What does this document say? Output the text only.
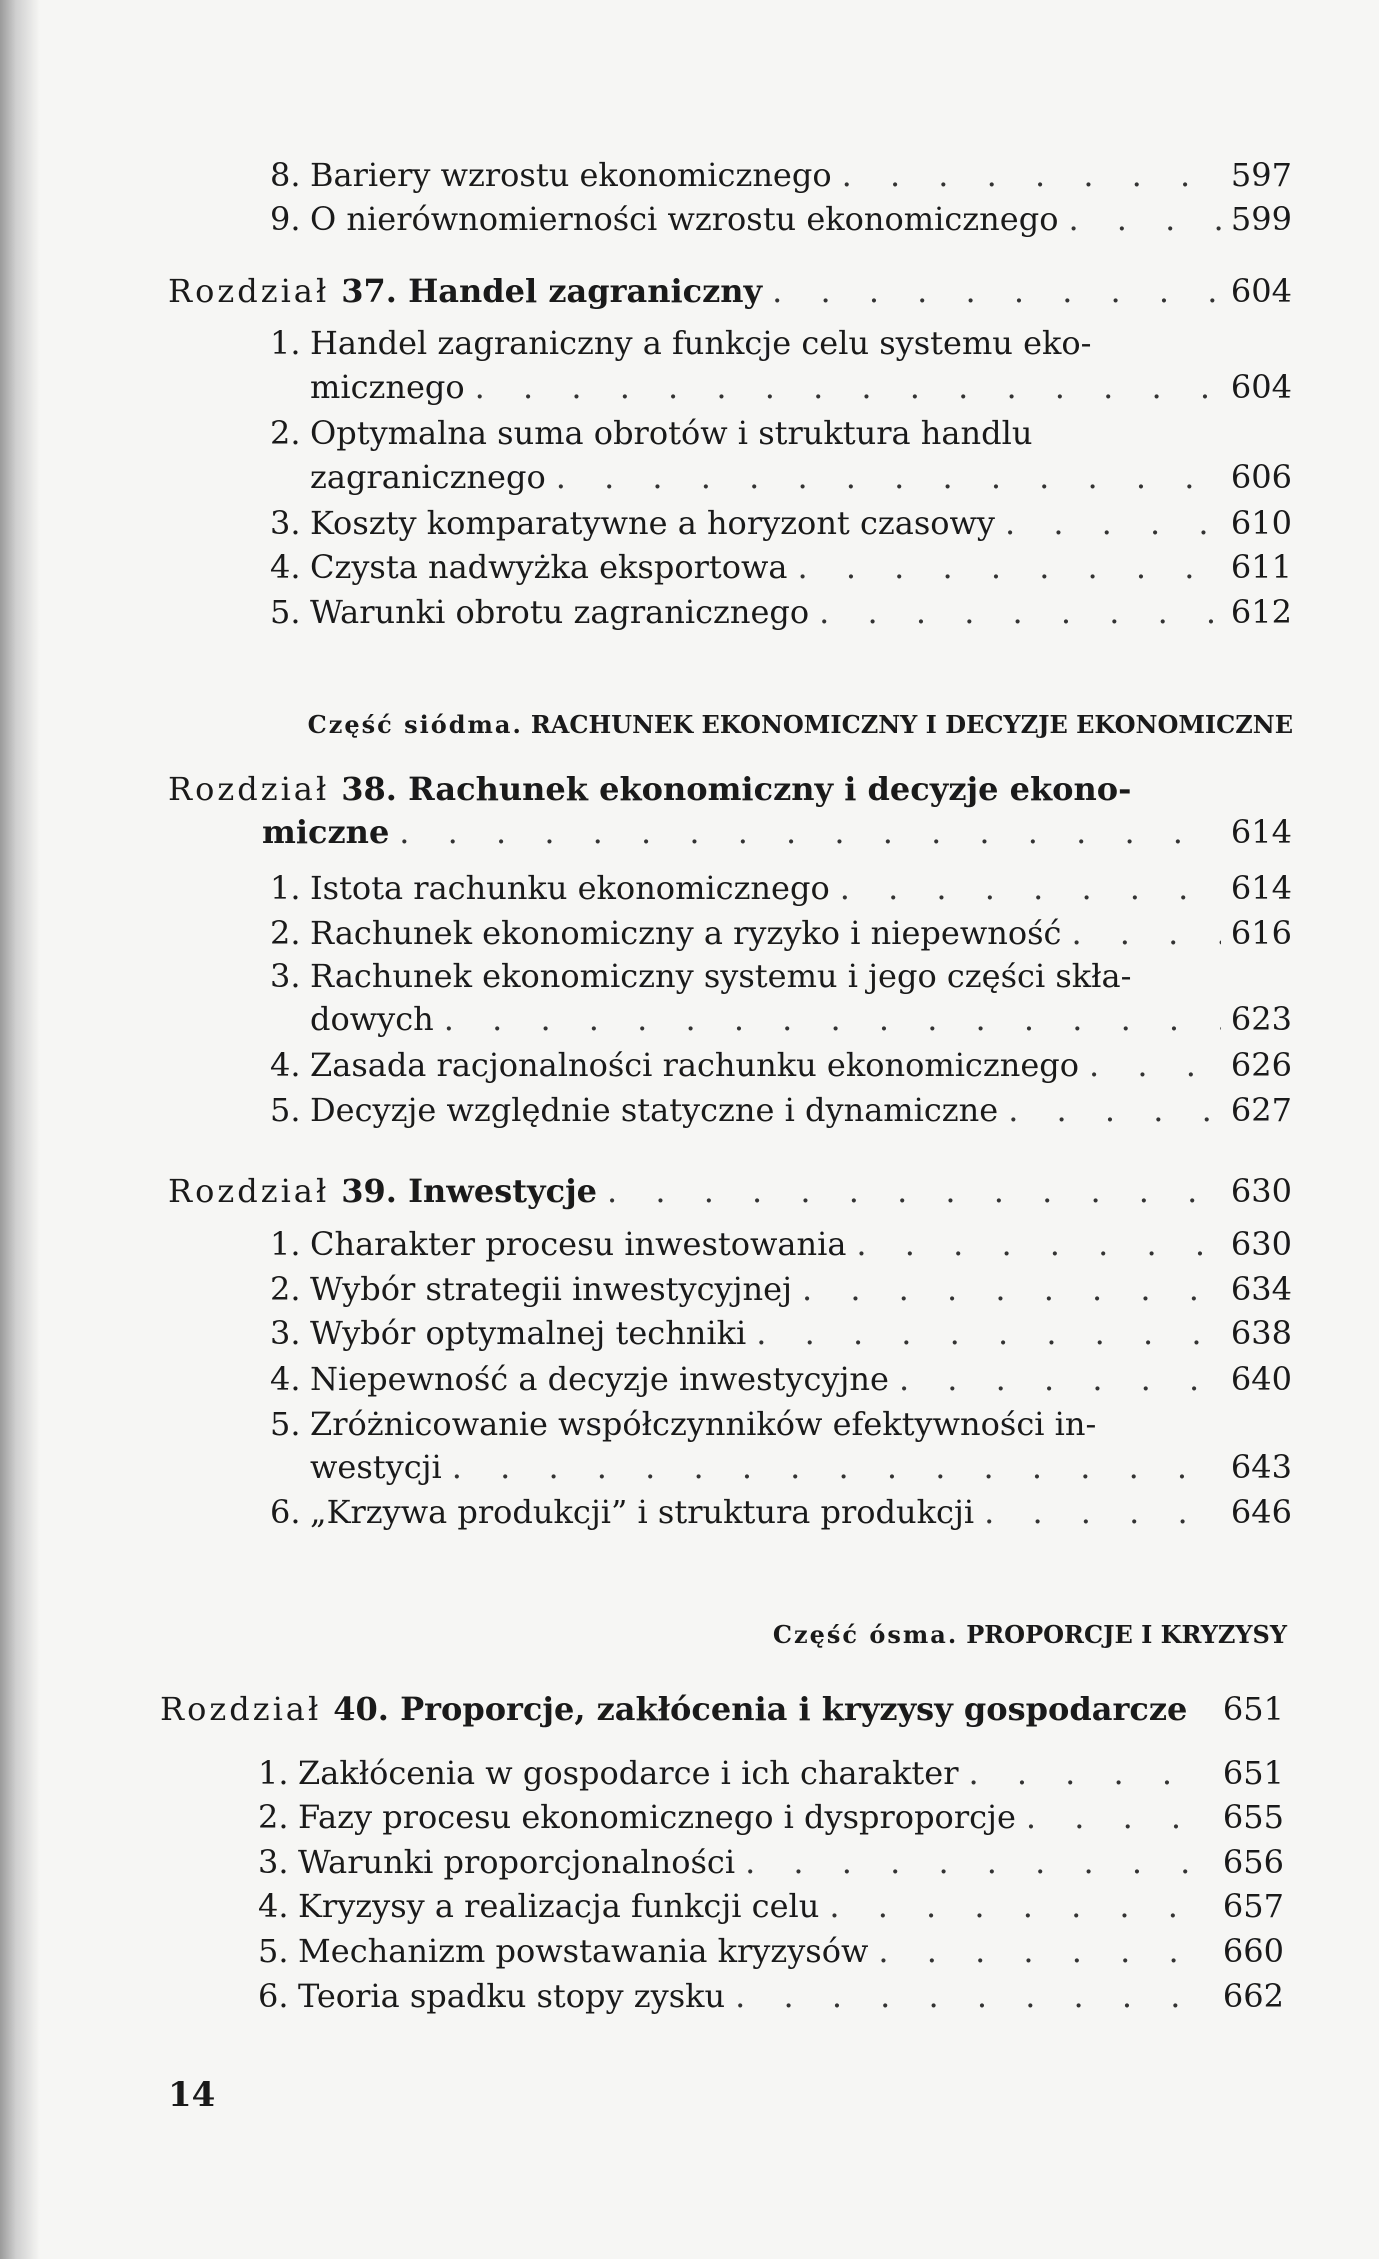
8. Bariery wzrostu ekonomicznego . . .	597
9. O nierównomierności wzrostu ekonomicznego . . .	599
Rozdział 37. Handel zagraniczny . . .	604
1. Handel zagraniczny a funkcje celu systemu eko-
micznego . . .	604
2. Optymalna suma obrotów i struktura handlu
zagranicznego . . .	606
3. Koszty komparatywne a horyzont czasowy . . .	610
4. Czysta nadwyżka eksportowa . . .	611
5. Warunki obrotu zagranicznego . . .	612
Część siódma. RACHUNEK EKONOMICZNY I DECYZJE EKONOMICZNE
Rozdział 38. Rachunek ekonomiczny i decyzje ekono-
miczne . . .	614
1. Istota rachunku ekonomicznego . . .	614
2. Rachunek ekonomiczny a ryzyko i niepewność . . .	616
3. Rachunek ekonomiczny systemu i jego części skła-
dowych . . .	623
4. Zasada racjonalności rachunku ekonomicznego . . .	626
5. Decyzje względnie statyczne i dynamiczne . . .	627
Rozdział 39. Inwestycje . . .	630
1. Charakter procesu inwestowania . . .	630
2. Wybór strategii inwestycyjnej . . .	634
3. Wybór optymalnej techniki . . .	638
4. Niepewność a decyzje inwestycyjne . . .	640
5. Zróżnicowanie współczynników efektywności in-
westycji . . .	643
6. „Krzywa produkcji” i struktura produkcji . . .	646
Część ósma. PROPORCJE I KRYZYSY
Rozdział 40. Proporcje, zakłócenia i kryzysy gospodarcze 651
1. Zakłócenia w gospodarce i ich charakter . . .	651
2. Fazy procesu ekonomicznego i dysproporcje . . .	655
3. Warunki proporcjonalności . . .	656
4. Kryzysy a realizacja funkcji celu . . .	657
5. Mechanizm powstawania kryzysów . . .	660
6. Teoria spadku stopy zysku . . .	662
14
